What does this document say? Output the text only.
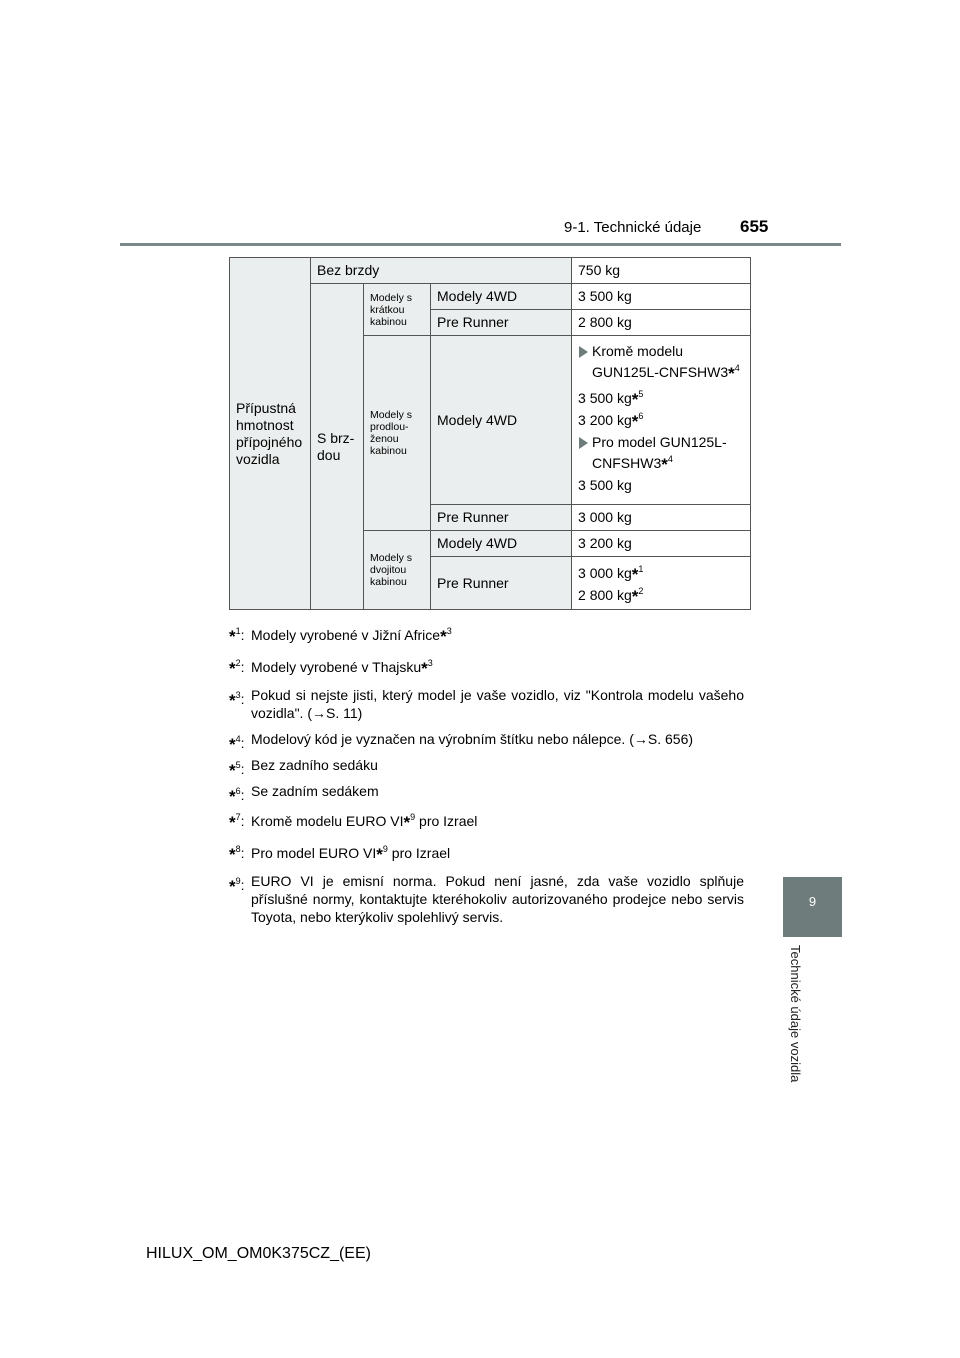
9-1. Technické údaje 655
9
Technické údaje vozidla
Přípustná hmotnost přípojného vozidla	Bez brzdy			750 kg
	S brz-dou	Modely s krátkou kabinou	Modely 4WD	3 500 kg
			Pre Runner	2 800 kg
		Modely s prodlou-ženou kabinou	Modely 4WD	Kromě modelu GUN125L-CNFSHW3*$^4$
3 500 kg*$^5$
3 200 kg*$^6$
Pro model GUN125L-CNFSHW3*$^4$
3 500 kg

			Pre Runner	3 000 kg
		Modely s dvojitou kabinou	Modely 4WD	3 200 kg
			Pre Runner	3 000 kg*$^1$
2 800 kg*$^2$
*$^1$: Modely vyrobené v Jižní Africe*$^3$
*$^2$: Modely vyrobené v Thajsku*$^3$
*$^3$: Pokud si nejste jisti, který model je vaše vozidlo, viz "Kontrola modelu vašeho vozidla". (→S. 11)
*$^4$: Modelový kód je vyznačen na výrobním štítku nebo nálepce. (→S. 656)
*$^5$: Bez zadního sedáku
*$^6$: Se zadním sedákem
*$^7$: Kromě modelu EURO VI*$^9$ pro Izrael
*$^8$: Pro model EURO VI*$^9$ pro Izrael
*$^9$: EURO VI je emisní norma. Pokud není jasné, zda vaše vozidlo splňuje příslušné normy, kontaktujte kteréhokoliv autorizovaného prodejce nebo servis Toyota, nebo kterýkoliv spolehlivý servis.
HILUX_OM_OM0K375CZ_(EE)
